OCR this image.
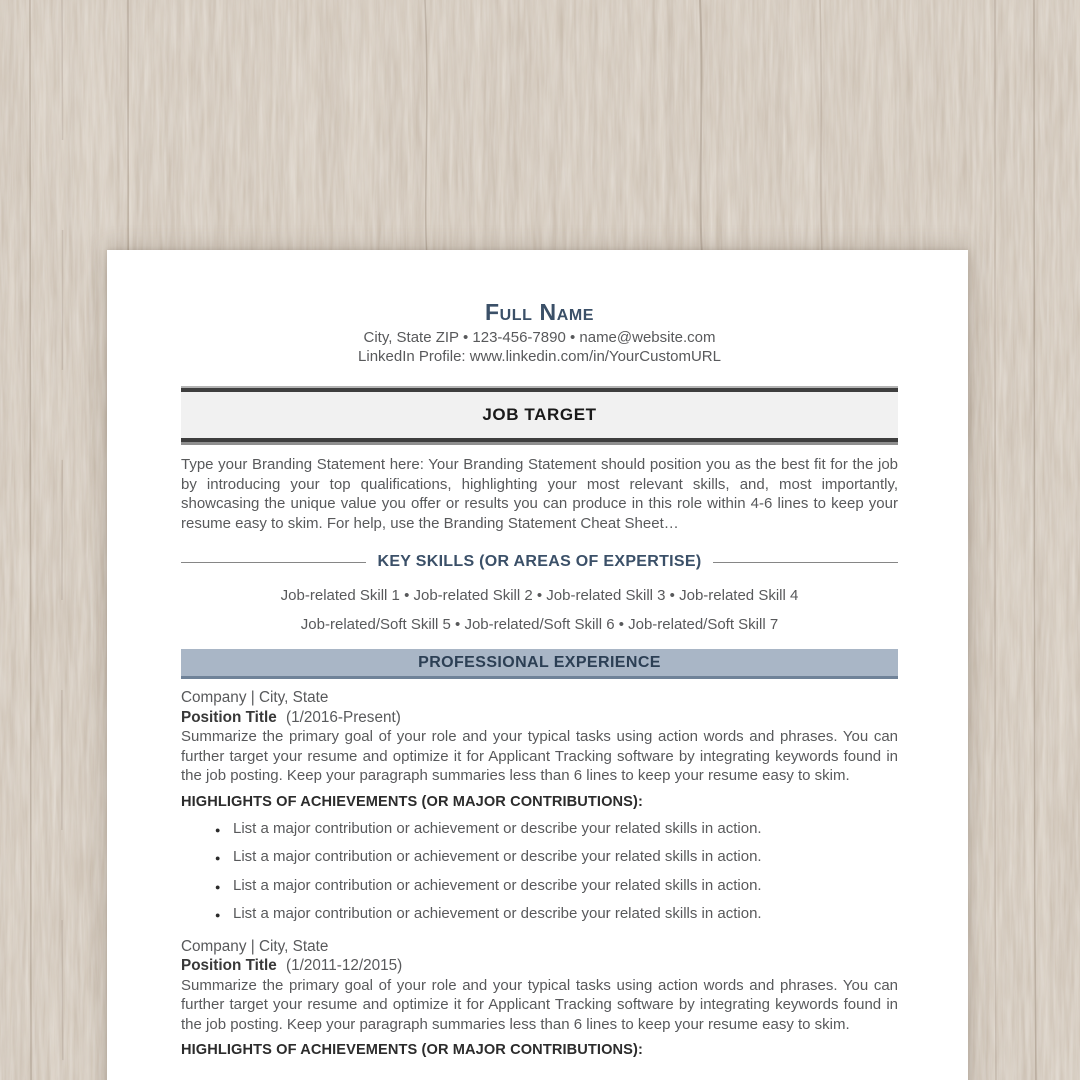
Full Name
City, State ZIP • 123-456-7890 • name@website.com
LinkedIn Profile: www.linkedin.com/in/YourCustomURL
JOB TARGET

Type your Branding Statement here: Your Branding Statement should position you as the best fit for the job by introducing your top qualifications, highlighting your most relevant skills, and, most importantly, showcasing the unique value you offer or results you can produce in this role within 4-6 lines to keep your resume easy to skim. For help, use the Branding Statement Cheat Sheet…

KEY SKILLS (OR AREAS OF EXPERTISE)
Job-related Skill 1 • Job-related Skill 2 • Job-related Skill 3 • Job-related Skill 4
Job-related/Soft Skill 5 • Job-related/Soft Skill 6 • Job-related/Soft Skill 7
PROFESSIONAL EXPERIENCE
Company | City, State
Position Title (1/2016-Present)

Summarize the primary goal of your role and your typical tasks using action words and phrases. You can further target your resume and optimize it for Applicant Tracking software by integrating keywords found in the job posting. Keep your paragraph summaries less than 6 lines to keep your resume easy to skim.

HIGHLIGHTS OF ACHIEVEMENTS (OR MAJOR CONTRIBUTIONS):
● List a major contribution or achievement or describe your related skills in action.
● List a major contribution or achievement or describe your related skills in action.
● List a major contribution or achievement or describe your related skills in action.
● List a major contribution or achievement or describe your related skills in action.
Company | City, State
Position Title (1/2011-12/2015)

Summarize the primary goal of your role and your typical tasks using action words and phrases. You can further target your resume and optimize it for Applicant Tracking software by integrating keywords found in the job posting. Keep your paragraph summaries less than 6 lines to keep your resume easy to skim.

HIGHLIGHTS OF ACHIEVEMENTS (OR MAJOR CONTRIBUTIONS):
